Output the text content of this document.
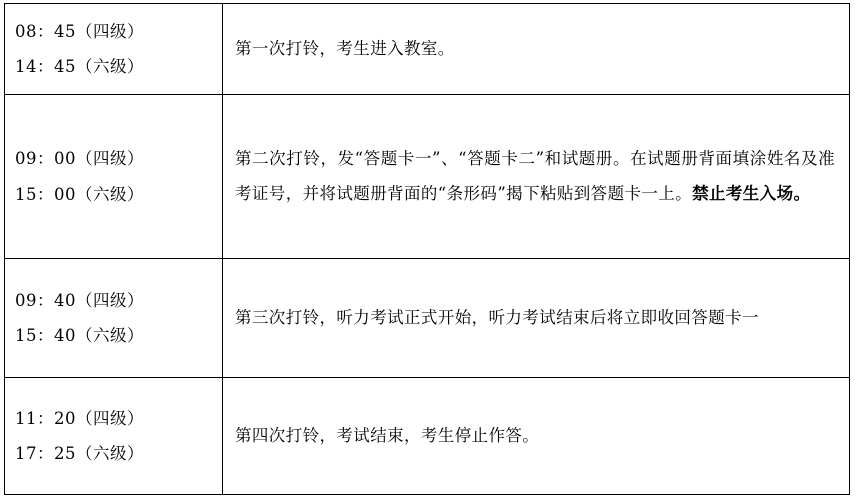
08：45（四级）
14：45（六级）	第一次打铃，考生进入教室。

09：00（四级）
15：00（六级）	第二次打铃，发“答题卡一”、“答题卡二”和试题册。在试题册背面填涂姓名及准考证号，并将试题册背面的“条形码”揭下粘贴到答题卡一上。禁止考生入场。

09：40（四级）
15：40（六级）	第三次打铃，听力考试正式开始，听力考试结束后将立即收回答题卡一

11：20（四级）
17：25（六级）	第四次打铃，考试结束，考生停止作答。
